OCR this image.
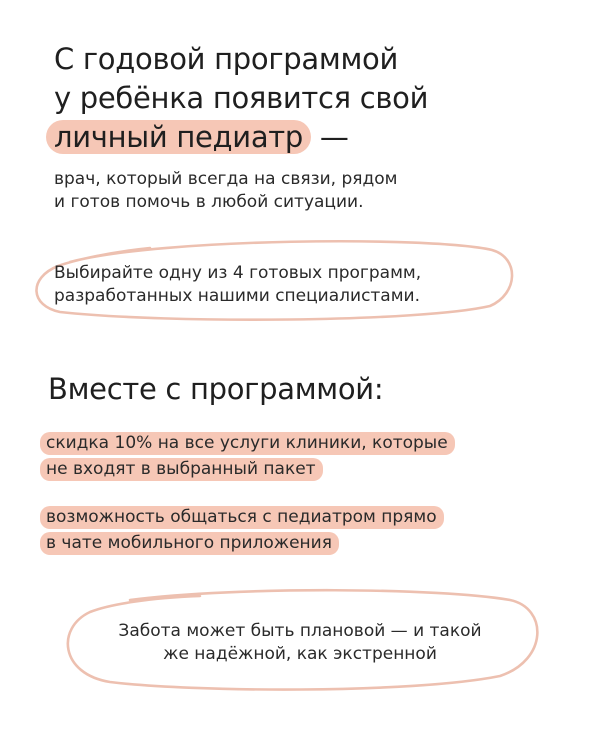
С годовой программой
у ребёнка появится свой
личный педиатр —
врач, который всегда на связи, рядом
и готов помочь в любой ситуации.
Выбирайте одну из 4 готовых программ,
разработанных нашими специалистами.
Вместе с программой:
скидка 10% на все услуги клиники, которые
не входят в выбранный пакет
возможность общаться с педиатром прямо
в чате мобильного приложения
Забота может быть плановой — и такой
же надёжной, как экстренной
